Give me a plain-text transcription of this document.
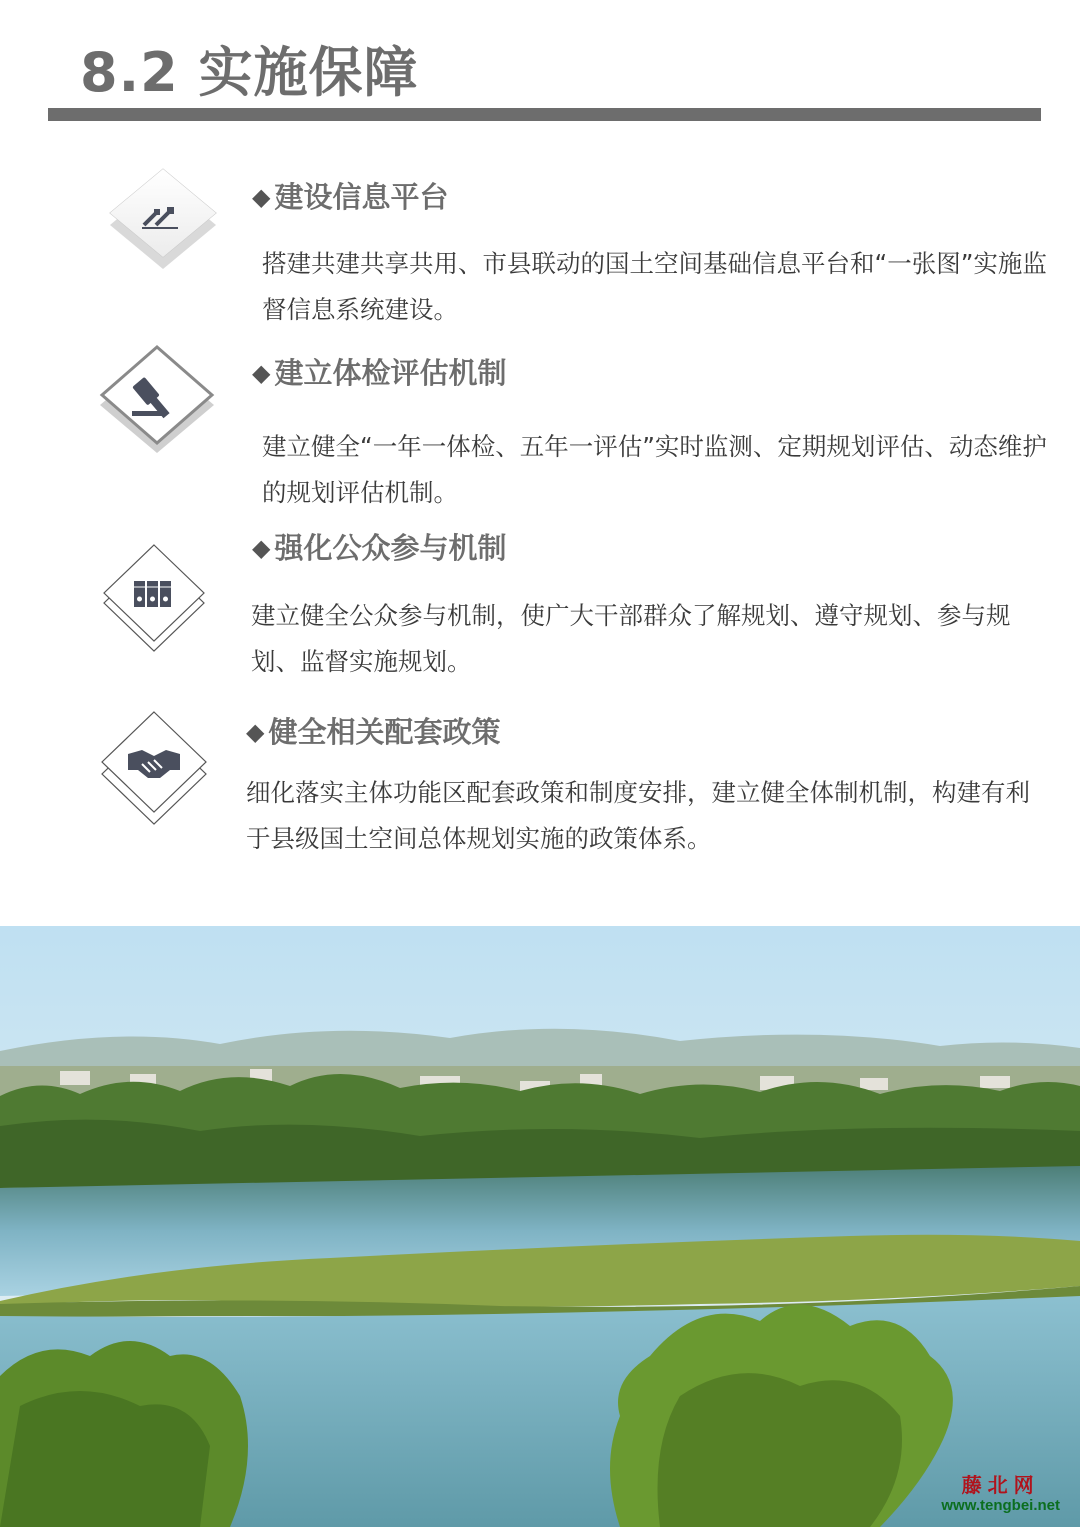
8.2 实施保障
◆ 建设信息平台
搭建共建共享共用、市县联动的国土空间基础信息平台和“一张图”实施监督信息系统建设。
◆ 建立体检评估机制
建立健全“一年一体检、五年一评估”实时监测、定期规划评估、动态维护的规划评估机制。
◆ 强化公众参与机制
建立健全公众参与机制，使广大干部群众了解规划、遵守规划、参与规划、监督实施规划。
◆ 健全相关配套政策
细化落实主体功能区配套政策和制度安排，建立健全体制机制，构建有利于县级国土空间总体规划实施的政策体系。
藤北网
www.tengbei.net
